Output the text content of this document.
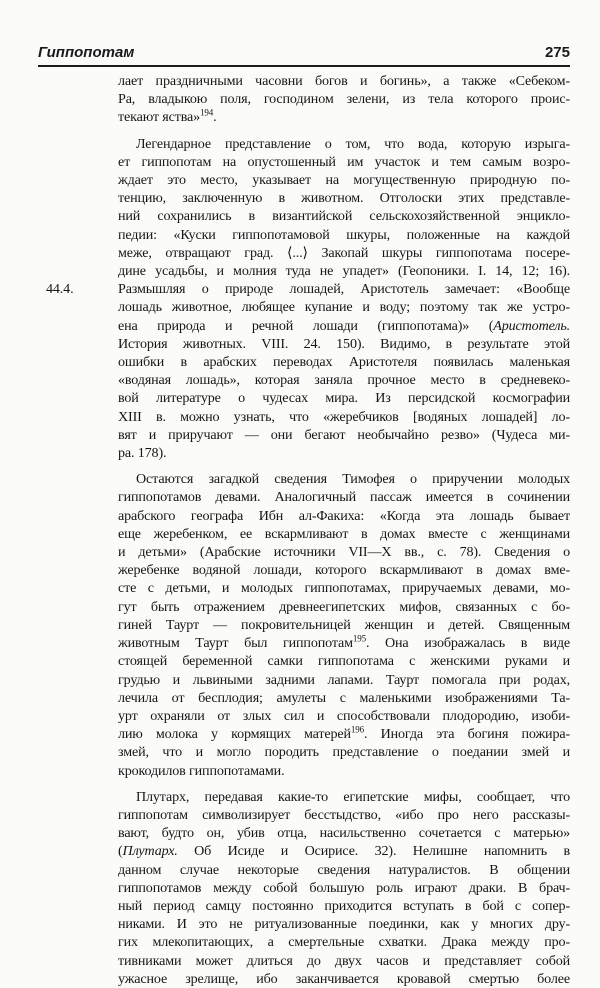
Гиппопотам	275
лает праздничными часовни богов и богинь», а также «Себеком-
Ра, владыкою поля, господином зелени, из тела которого проис-
текают яства»$^{194}$.
Легендарное представление о том, что вода, которую изрыга-
ет гиппопотам на опустошенный им участок и тем самым возро-
ждает это место, указывает на могущественную природную по-
тенцию, заключенную в животном. Отголоски этих представле-
ний сохранились в византийской сельскохозяйственной энцикло-
педии: «Куски гиппопотамовой шкуры, положенные на каждой
меже, отвращают град. ⟨...⟩ Закопай шкуры гиппопотама посере-
дине усадьбы, и молния туда не упадет» (Геопоники. I. 14, 12; 16).
44.4.	Размышляя о природе лошадей, Аристотель замечает: «Вообще
лошадь животное, любящее купание и воду; поэтому так же устро-
ена природа и речной лошади (гиппопотама)» (Аристотель.
История животных. VIII. 24. 150). Видимо, в результате этой
ошибки в арабских переводах Аристотеля появилась маленькая
«водяная лошадь», которая заняла прочное место в средневеко-
вой литературе о чудесах мира. Из персидской космографии
XIII в. можно узнать, что «жеребчиков [водяных лошадей] ло-
вят и приручают — они бегают необычайно резво» (Чудеса ми-
ра. 178).
Остаются загадкой сведения Тимофея о приручении молодых
гиппопотамов девами. Аналогичный пассаж имеется в сочинении
арабского географа Ибн ал-Факиха: «Когда эта лошадь бывает
еще жеребенком, ее вскармливают в домах вместе с женщинами
и детьми» (Арабские источники VII—X вв., с. 78). Сведения о
жеребенке водяной лошади, которого вскармливают в домах вме-
сте с детьми, и молодых гиппопотамах, приручаемых девами, мо-
гут быть отражением древнеегипетских мифов, связанных с бо-
гиней Таурт — покровительницей женщин и детей. Священным
животным Таурт был гиппопотам$^{195}$. Она изображалась в виде
стоящей беременной самки гиппопотама с женскими руками и
грудью и львиными задними лапами. Таурт помогала при родах,
лечила от бесплодия; амулеты с маленькими изображениями Та-
урт охраняли от злых сил и способствовали плодородию, изоби-
лию молока у кормящих матерей$^{196}$. Иногда эта богиня пожира-
змей, что и могло породить представление о поедании змей и
крокодилов гиппопотамами.
Плутарх, передавая какие-то египетские мифы, сообщает, что
гиппопотам символизирует бесстыдство, «ибо про него рассказы-
вают, будто он, убив отца, насильственно сочетается с матерью»
(Плутарх. Об Исиде и Осирисе. 32). Нелишне напомнить в
данном случае некоторые сведения натуралистов. В общении
гиппопотамов между собой большую роль играют драки. В брач-
ный период самцу постоянно приходится вступать в бой с сопер-
никами. И это не ритуализованные поединки, как у многих дру-
гих млекопитающих, а смертельные схватки. Драка между про-
тивниками может длиться до двух часов и представляет собой
ужасное зрелище, ибо заканчивается кровавой смертью более
